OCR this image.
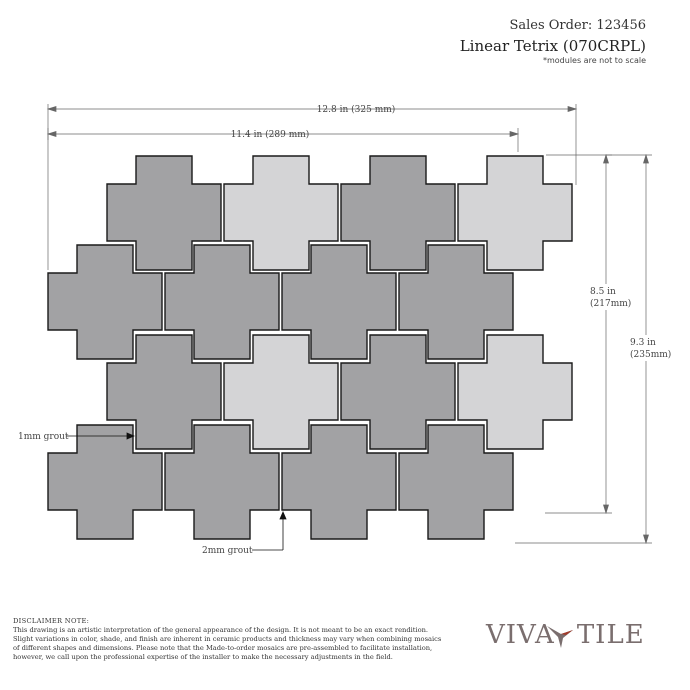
Sales Order: 123456
Linear Tetrix (070CRPL)
*modules are not to scale
12.8 in (325 mm)
11.4 in (289 mm)
8.5 in
(217mm)
9.3 in
(235mm)
1mm grout
2mm grout
DISCLAIMER NOTE:
This drawing is an artistic interpretation of the general appearance of the design. It is not meant to be an exact rendition. Slight variations in color, shade, and finish are inherent in ceramic products and thickness may vary when combining mosaics of different shapes and dimensions. Please note that the Made-to-order mosaics are pre-assembled to facilitate installation, however, we call upon the professional expertise of the installer to make the necessary adjustments in the field.
VIVA TILE
